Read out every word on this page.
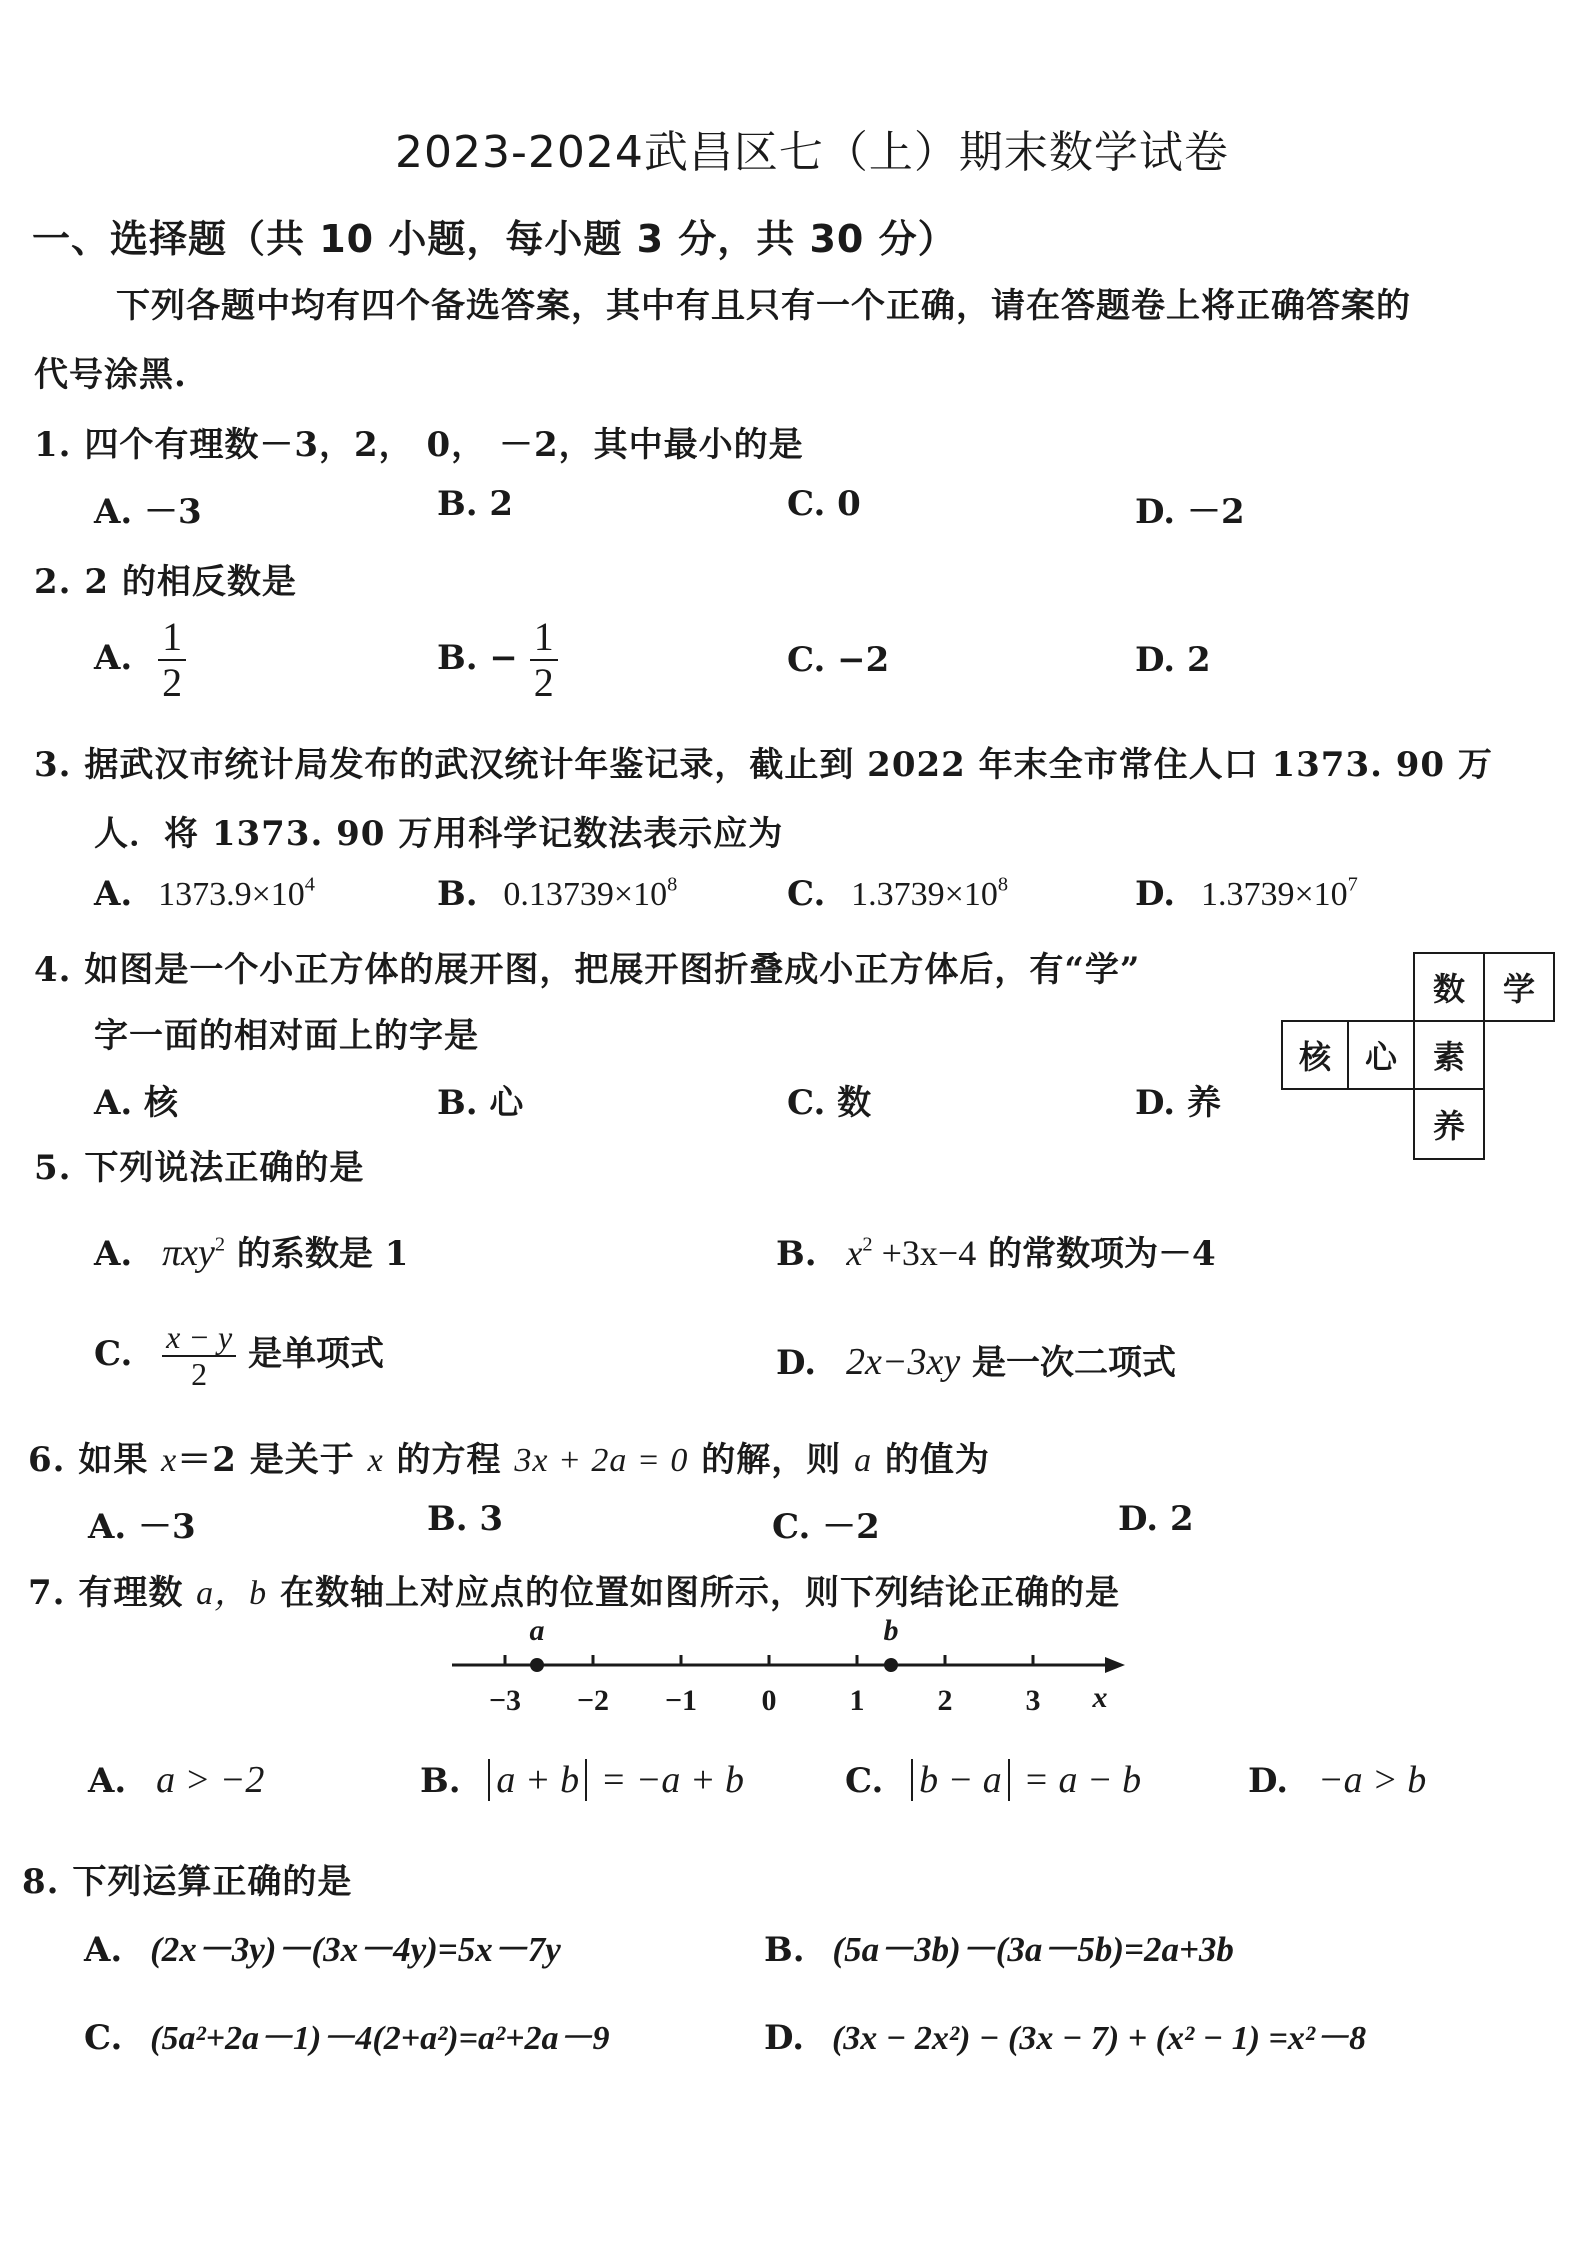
2023-2024武昌区七（上）期末数学试卷
一、选择题（共 10 小题，每小题 3 分，共 30 分）
下列各题中均有四个备选答案，其中有且只有一个正确，请在答题卷上将正确答案的
代号涂黑.
1. 四个有理数－3，2， 0， －2，其中最小的是
A. －3	B. 2	C. 0	D. －2
2. 2 的相反数是
A. $\frac{1}{2}$	B. − $\frac{1}{2}$	C. −2	D. 2
3. 据武汉市统计局发布的武汉统计年鉴记录，截止到 2022 年末全市常住人口 1373. 90 万
人．将 1373. 90 万用科学记数法表示应为
A. $1373.9\times 10^4$	B. $0.13739\times 10^8$	C. $1.3739\times 10^8$	D. $1.3739\times 10^7$
4. 如图是一个小正方体的展开图，把展开图折叠成小正方体后，有“学”
字一面的相对面上的字是
A. 核	B. 心	C. 数	D. 养
数	学
核	心	素
养
5. 下列说法正确的是
A. πxy$^2$ 的系数是 1	B. $x^2 +3x-4$ 的常数项为－4
C. $\frac{x - y}{2}$ 是单项式	D. 2x−3xy 是一次二项式
6. 如果 x＝2 是关于 x 的方程 3x + 2a = 0 的解，则 a 的值为
A. －3	B. 3	C. －2	D. 2
7. 有理数 a，b 在数轴上对应点的位置如图所示，则下列结论正确的是
a	b
−3 −2 −1 0 1 2 3 x
A. a > −2	B. a + b = −a + b	C. b − a = a − b	D. −a > b
8. 下列运算正确的是
A. (2x－3y)－(3x－4y)=5x－7y	B. (5a－3b)－(3a－5b)=2a+3b
C. (5a²+2a－1)－4(2+a²)=a²+2a－9	D. (3x − 2x²) − (3x − 7) + (x² − 1) =x²－8
